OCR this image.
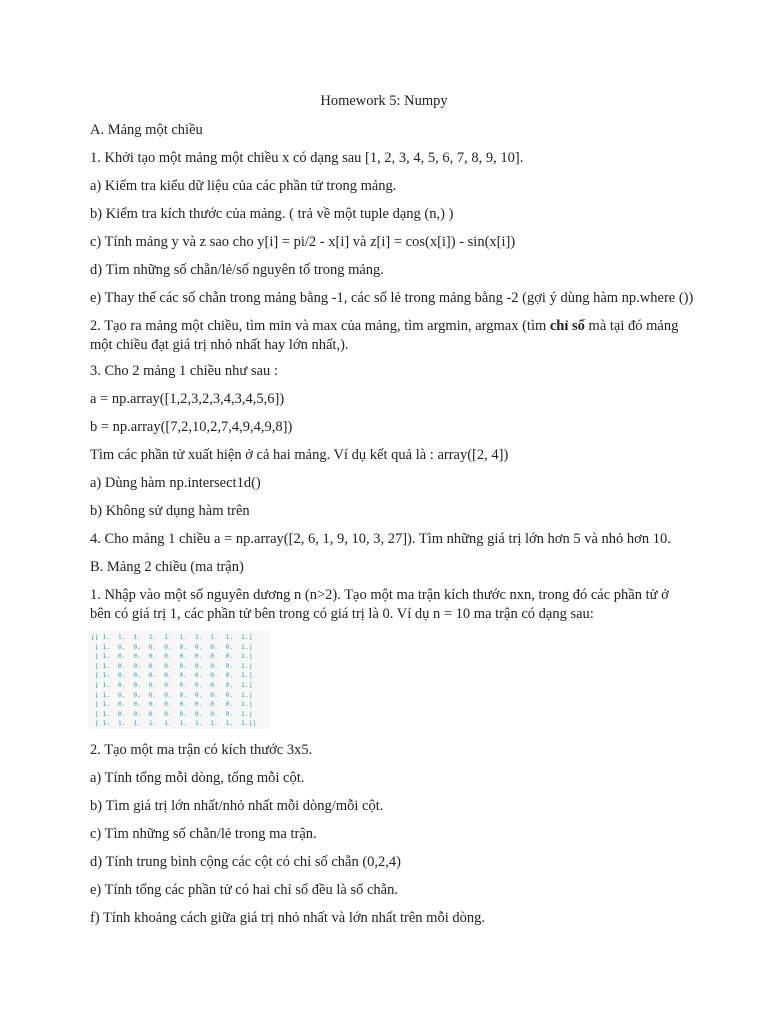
Homework 5: Numpy
A. Mảng một chiều
1. Khởi tạo một mảng một chiều x có dạng sau [1, 2, 3, 4, 5, 6, 7, 8, 9, 10].
a) Kiểm tra kiểu dữ liệu của các phần tử trong mảng.
b) Kiểm tra kích thước của mảng. ( trả về một tuple dạng (n,) )
c) Tính mảng y và z sao cho y[i] = pi/2 - x[i] và z[i] = cos(x[i]) - sin(x[i])
d) Tìm những số chẵn/lẻ/số nguyên tố trong mảng.
e) Thay thế các số chẵn trong mảng bằng -1, các số lẻ trong mảng bằng -2 (gợi ý dùng hàm np.where ())
2. Tạo ra mảng một chiều, tìm min và max của mảng, tìm argmin, argmax (tìm chỉ số mà tại đó mảng một chiều đạt giá trị nhỏ nhất hay lớn nhất,).
3. Cho 2 mảng 1 chiều như sau :
a = np.array([1,2,3,2,3,4,3,4,5,6])
b = np.array([7,2,10,2,7,4,9,4,9,8])
Tìm các phần tử xuất hiện ở cả hai mảng. Ví dụ kết quả là : array([2, 4])
a) Dùng hàm np.intersect1d()
b) Không sử dụng hàm trên
4. Cho mảng 1 chiều a = np.array([2, 6, 1, 9, 10, 3, 27]). Tìm những giá trị lớn hơn 5 và nhỏ hơn 10.
B. Mảng 2 chiều (ma trận)
1. Nhập vào một số nguyên dương n (n>2). Tạo một ma trận kích thước nxn, trong đó các phần tử ở bên có giá trị 1, các phần tử bên trong có giá trị là 0. Ví dụ n = 10 ma trận có dạng sau:
[[ 1.  1.  1.  1.  1.  1.  1.  1.  1.  1.]
[ 1.  0.  0.  0.  0.  0.  0.  0.  0.  1.]
[ 1.  0.  0.  0.  0.  0.  0.  0.  0.  1.]
[ 1.  0.  0.  0.  0.  0.  0.  0.  0.  1.]
[ 1.  0.  0.  0.  0.  0.  0.  0.  0.  1.]
[ 1.  0.  0.  0.  0.  0.  0.  0.  0.  1.]
[ 1.  0.  0.  0.  0.  0.  0.  0.  0.  1.]
[ 1.  0.  0.  0.  0.  0.  0.  0.  0.  1.]
[ 1.  0.  0.  0.  0.  0.  0.  0.  0.  1.]
[ 1.  1.  1.  1.  1.  1.  1.  1.  1.  1.]]
2. Tạo một ma trận có kích thước 3x5.
a) Tính tổng mỗi dòng, tổng mỗi cột.
b) Tìm giá trị lớn nhất/nhỏ nhất mỗi dòng/mỗi cột.
c) Tìm những số chẵn/lẻ trong ma trận.
d) Tính trung bình cộng các cột có chỉ số chẵn (0,2,4)
e) Tính tổng các phần tử có hai chỉ số đều là số chẵn.
f) Tính khoảng cách giữa giá trị nhỏ nhất và lớn nhất trên mỗi dòng.
